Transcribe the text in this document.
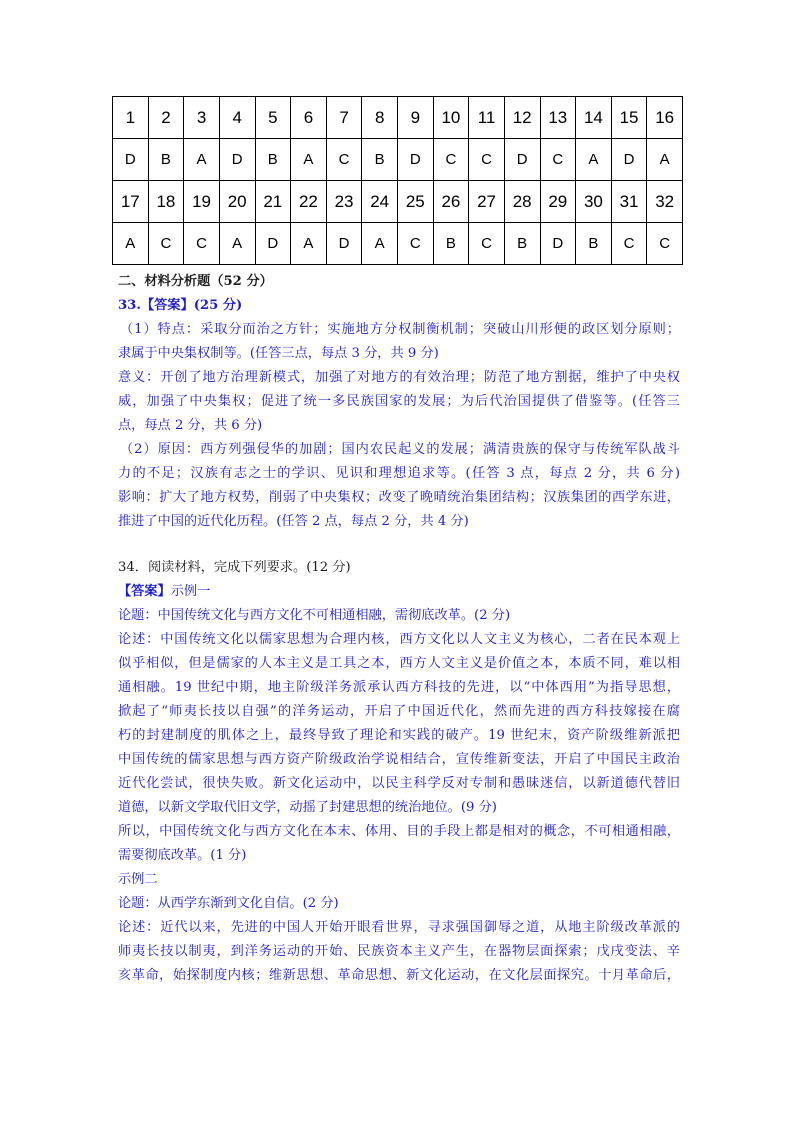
1	2	3	4	5	6	7	8	9	10	11	12	13	14	15	16
D	B	A	D	B	A	C	B	D	C	C	D	C	A	D	A
17	18	19	20	21	22	23	24	25	26	27	28	29	30	31	32
A	C	C	A	D	A	D	A	C	B	C	B	D	B	C	C
二、材料分析题（52 分）
33.【答案】(25 分)
（1）特点：采取分而治之方针；实施地方分权制衡机制；突破山川形便的政区划分原则；
隶属于中央集权制等。(任答三点，每点 3 分，共 9 分)
意义：开创了地方治理新模式，加强了对地方的有效治理；防范了地方割据，维护了中央权
威，加强了中央集权；促进了统一多民族国家的发展；为后代治国提供了借鉴等。(任答三
点，每点 2 分，共 6 分)
（2）原因：西方列强侵华的加剧；国内农民起义的发展；满清贵族的保守与传统军队战斗
力的不足；汉族有志之士的学识、见识和理想追求等。(任答 3 点，每点 2 分，共 6 分)
影响：扩大了地方权势，削弱了中央集权；改变了晚晴统治集团结构；汉族集团的西学东进，
推进了中国的近代化历程。(任答 2 点，每点 2 分，共 4 分)
34．阅读材料，完成下列要求。(12 分)
【答案】示例一
论题：中国传统文化与西方文化不可相通相融，需彻底改革。(2 分)
论述：中国传统文化以儒家思想为合理内核，西方文化以人文主义为核心，二者在民本观上
似乎相似，但是儒家的人本主义是工具之本，西方人文主义是价值之本，本质不同，难以相
通相融。19 世纪中期，地主阶级洋务派承认西方科技的先进，以“中体西用”为指导思想，
掀起了“师夷长技以自强”的洋务运动，开启了中国近代化，然而先进的西方科技嫁接在腐
朽的封建制度的肌体之上，最终导致了理论和实践的破产。19 世纪末，资产阶级维新派把
中国传统的儒家思想与西方资产阶级政治学说相结合，宣传维新变法，开启了中国民主政治
近代化尝试，很快失败。新文化运动中，以民主科学反对专制和愚昧迷信，以新道德代替旧
道德，以新文学取代旧文学，动摇了封建思想的统治地位。(9 分)
所以，中国传统文化与西方文化在本末、体用、目的手段上都是相对的概念，不可相通相融，
需要彻底改革。(1 分)
示例二
论题：从西学东渐到文化自信。(2 分)
论述：近代以来，先进的中国人开始开眼看世界，寻求强国御辱之道，从地主阶级改革派的
师夷长技以制夷，到洋务运动的开始、民族资本主义产生，在器物层面探索；戊戌变法、辛
亥革命，始探制度内核；维新思想、革命思想、新文化运动，在文化层面探究。十月革命后，
